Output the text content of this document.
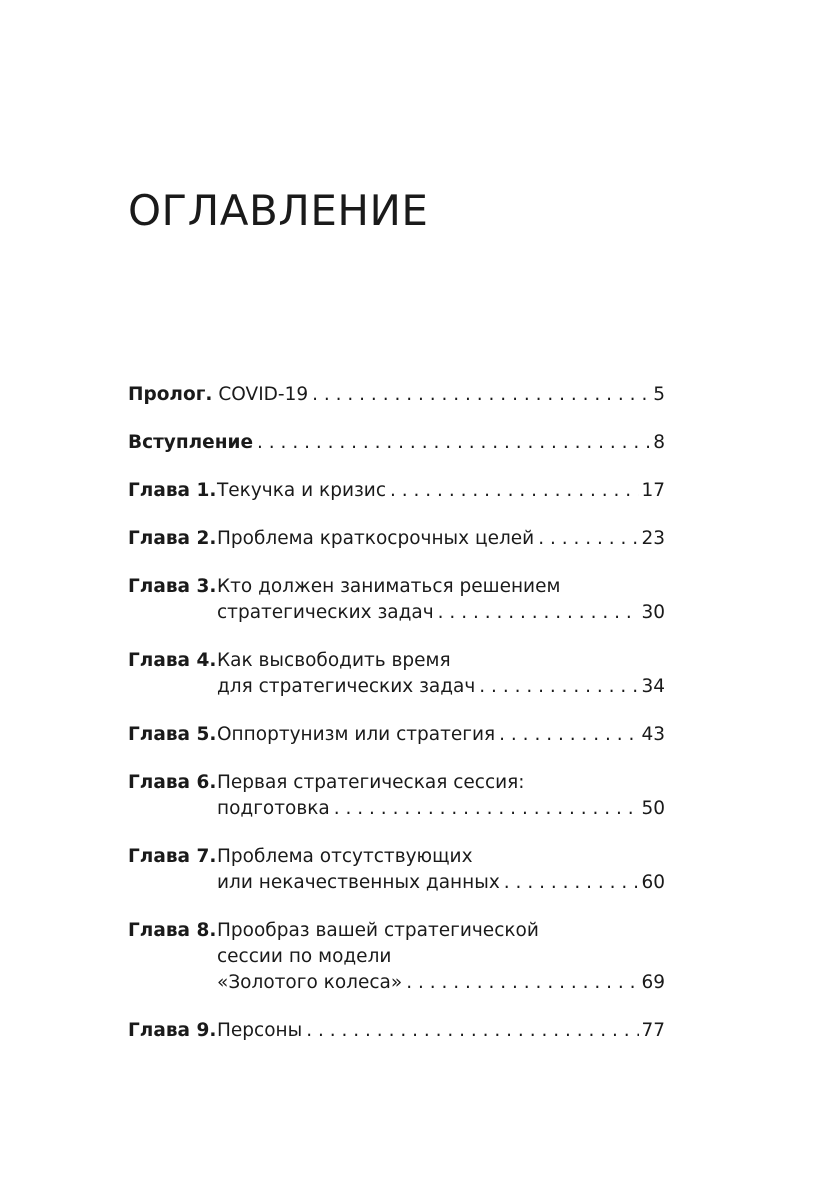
ОГЛАВЛЕНИЕ
Пролог. COVID-19 . . .	5
Вступление . . .	8
Глава 1. Текучка и кризис . . .	17
Глава 2. Проблема краткосрочных целей . . .	23
Глава 3. Кто должен заниматься решением
стратегических задач . . .	30
Глава 4. Как высвободить время
для стратегических задач . . .	34
Глава 5. Оппортунизм или стратегия . . .	43
Глава 6. Первая стратегическая сессия:
подготовка . . .	50
Глава 7. Проблема отсутствующих
или некачественных данных . . .	60
Глава 8. Прообраз вашей стратегической
сессии по модели
«Золотого колеса» . . .	69
Глава 9. Персоны . . .	77
